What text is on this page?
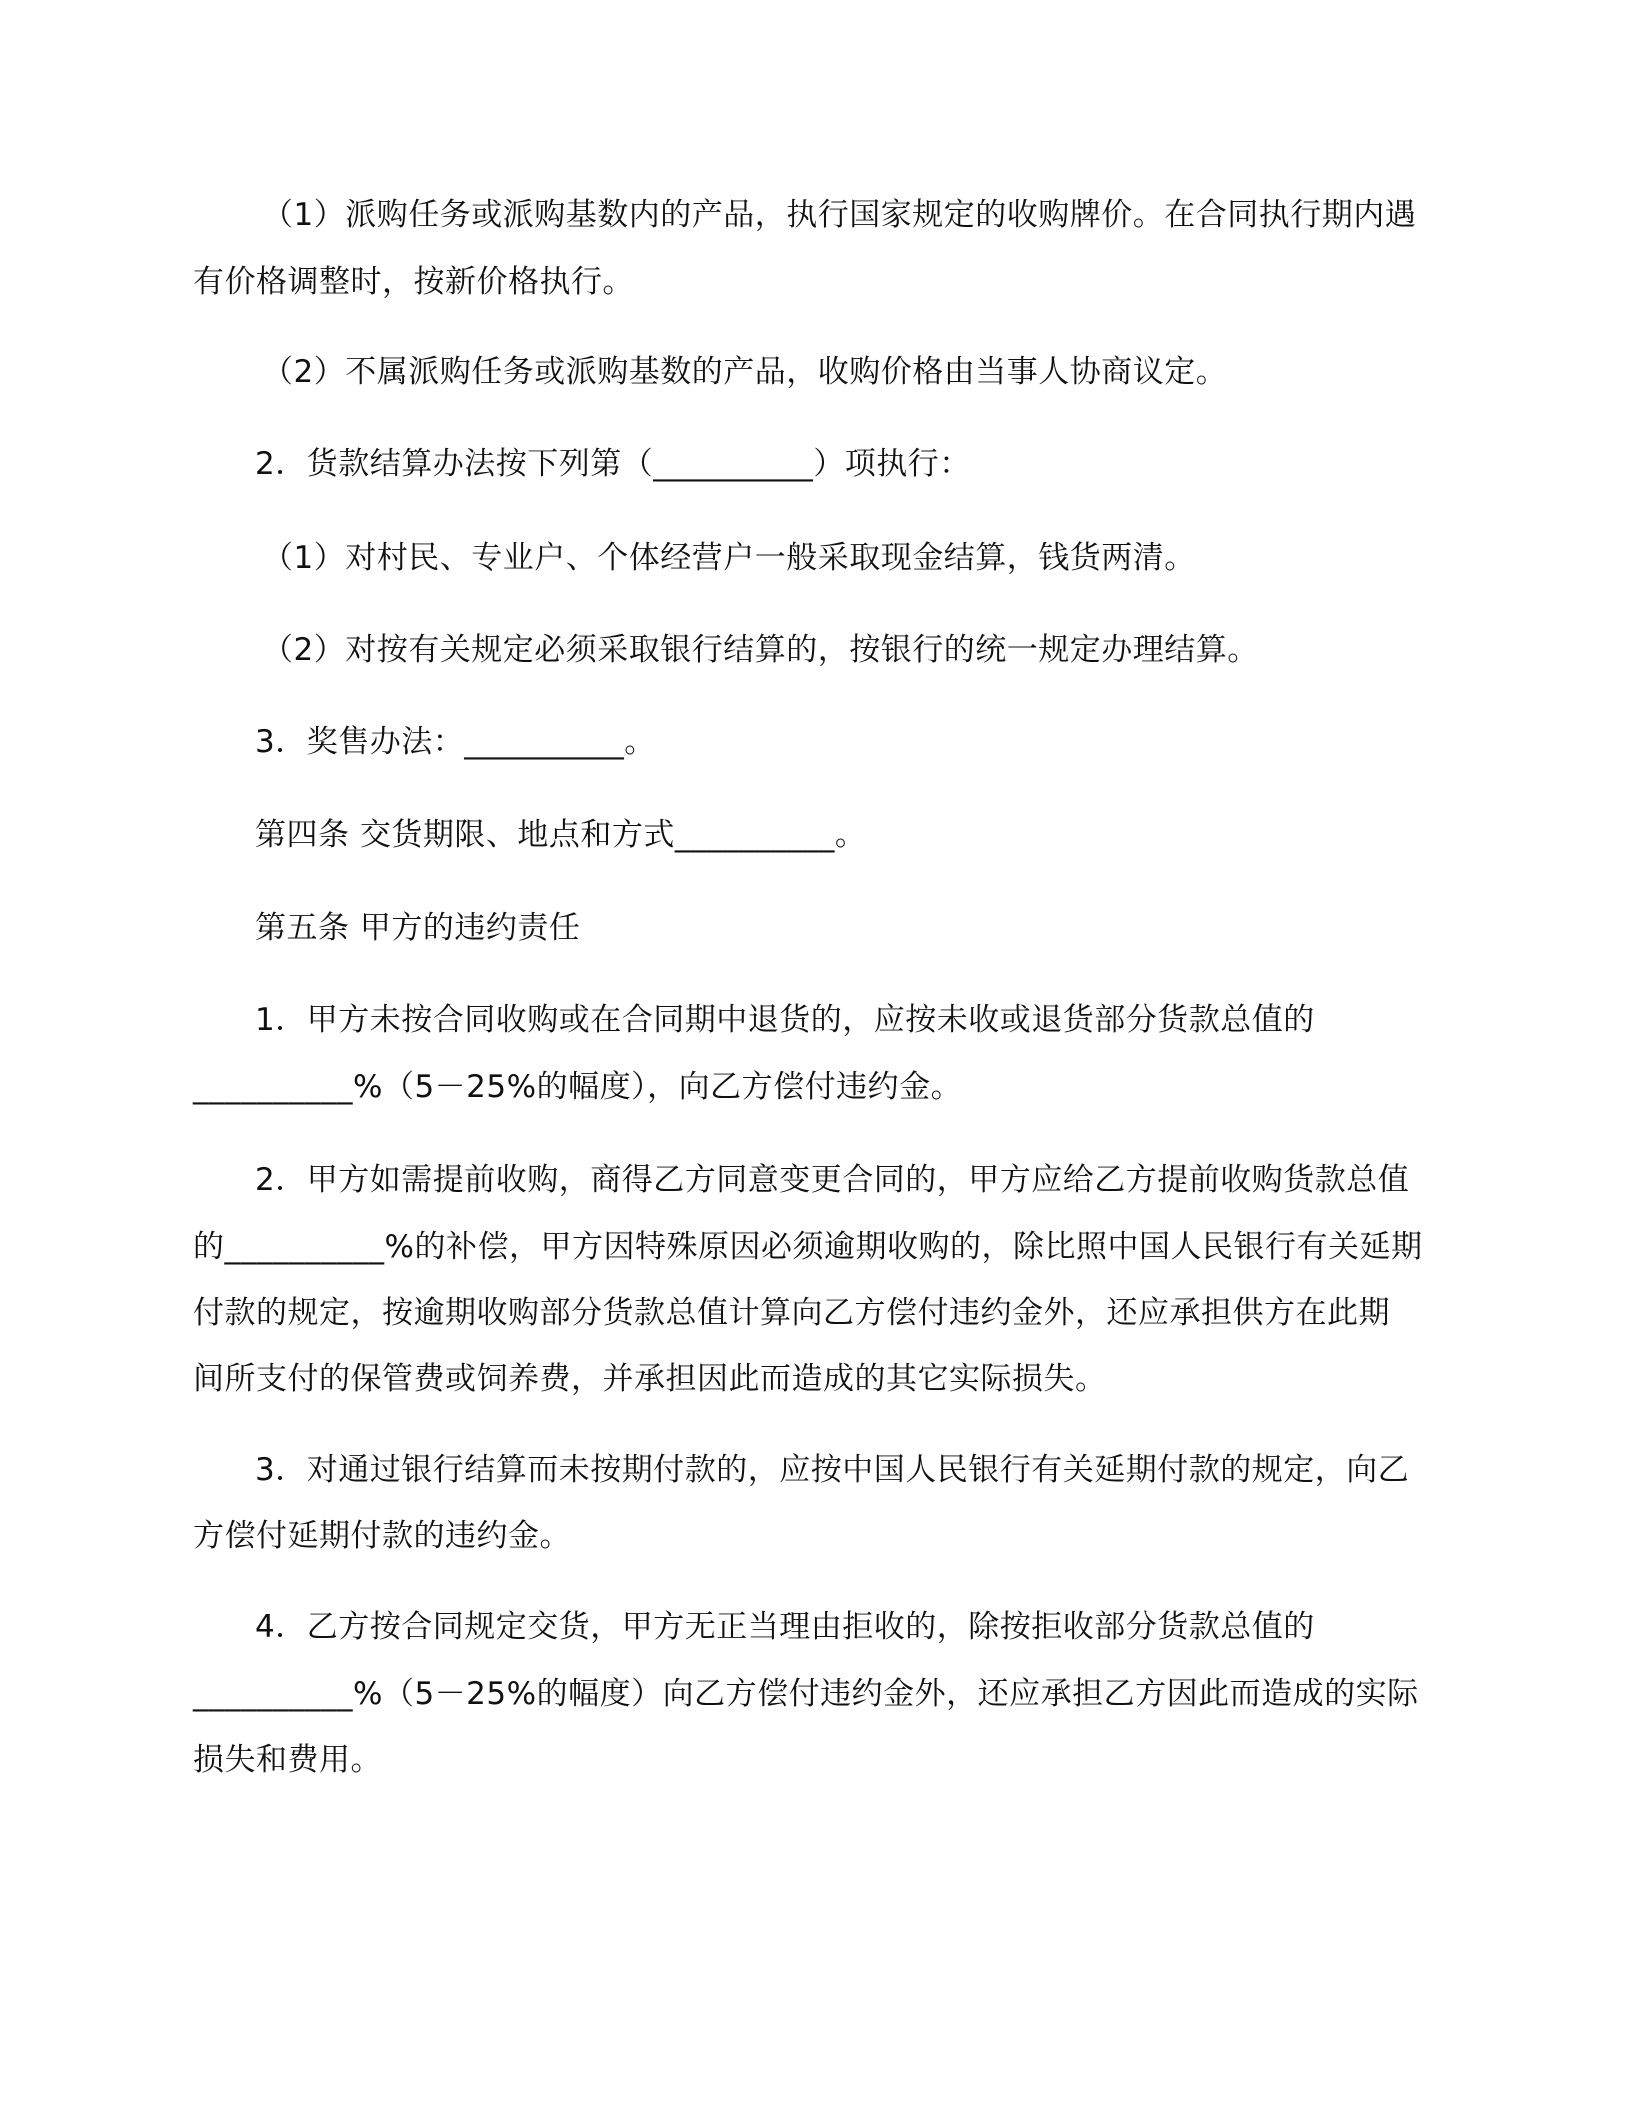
（1）派购任务或派购基数内的产品，执行国家规定的收购牌价。在合同执行期内遇
有价格调整时，按新价格执行。
（2）不属派购任务或派购基数的产品，收购价格由当事人协商议定。
2．货款结算办法按下列第（__________）项执行：
（1）对村民、专业户、个体经营户一般采取现金结算，钱货两清。
（2）对按有关规定必须采取银行结算的，按银行的统一规定办理结算。
3．奖售办法：__________。
第四条 交货期限、地点和方式__________。
第五条 甲方的违约责任
1．甲方未按合同收购或在合同期中退货的，应按未收或退货部分货款总值的
__________%（5－25%的幅度），向乙方偿付违约金。
2．甲方如需提前收购，商得乙方同意变更合同的，甲方应给乙方提前收购货款总值
的__________%的补偿，甲方因特殊原因必须逾期收购的，除比照中国人民银行有关延期
付款的规定，按逾期收购部分货款总值计算向乙方偿付违约金外，还应承担供方在此期
间所支付的保管费或饲养费，并承担因此而造成的其它实际损失。
3．对通过银行结算而未按期付款的，应按中国人民银行有关延期付款的规定，向乙
方偿付延期付款的违约金。
4．乙方按合同规定交货，甲方无正当理由拒收的，除按拒收部分货款总值的
__________%（5－25%的幅度）向乙方偿付违约金外，还应承担乙方因此而造成的实际
损失和费用。
